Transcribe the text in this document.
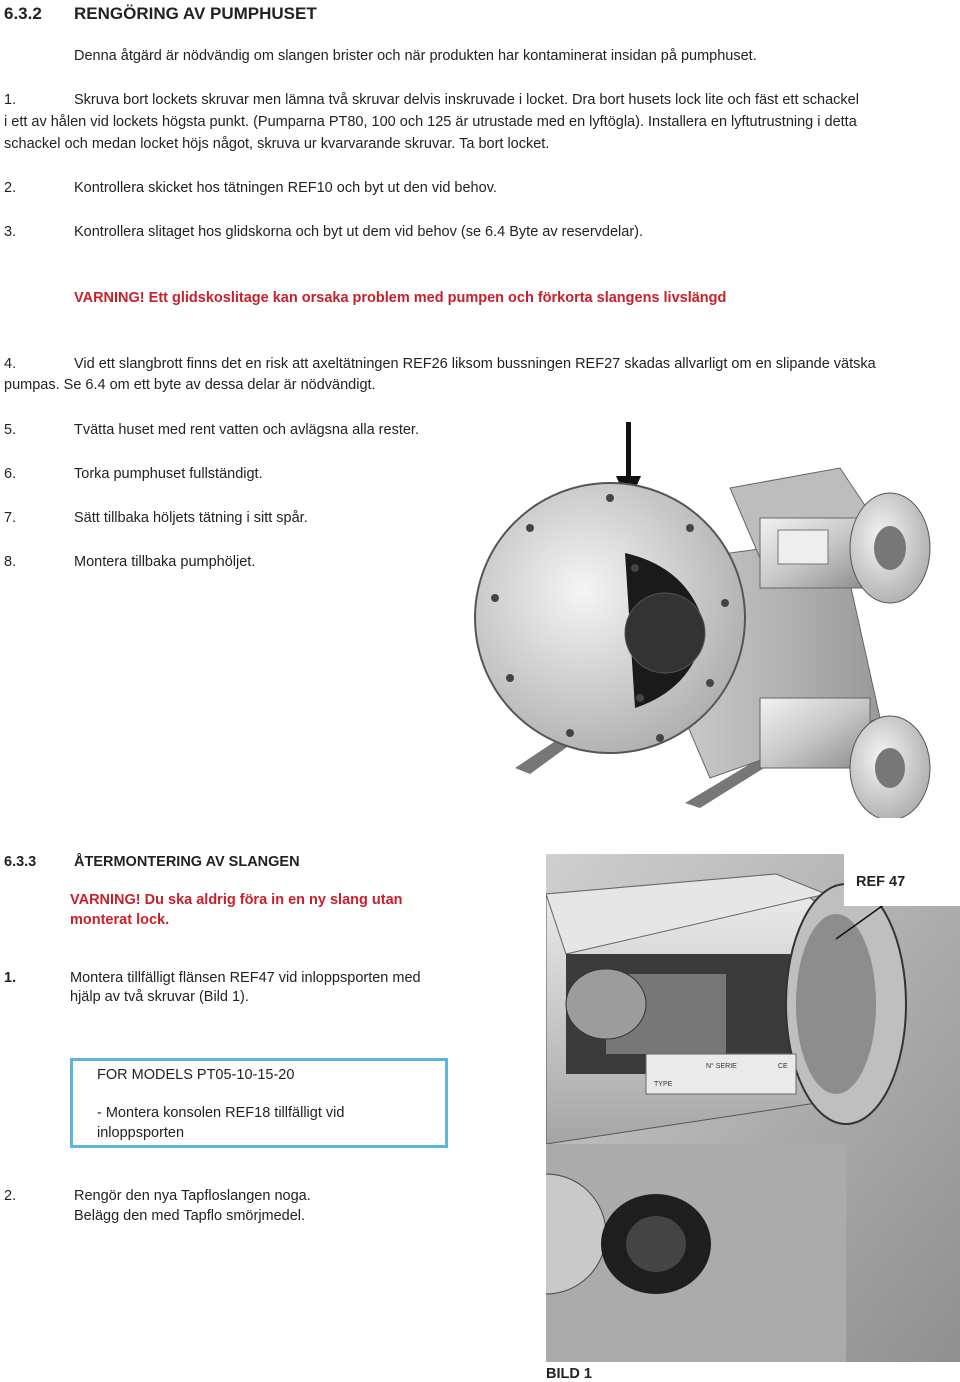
6.3.2 RENGÖRING AV PUMPHUSET
Denna åtgärd är nödvändig om slangen brister och när produkten har kontaminerat insidan på pumphuset.
1.	Skruva bort lockets skruvar men lämna två skruvar delvis inskruvade i locket. Dra bort husets lock lite och fäst ett schackel
i ett av hålen vid lockets högsta punkt. (Pumparna PT80, 100 och 125 är utrustade med en lyftögla). Installera en lyftutrustning i detta
schackel och medan locket höjs något, skruva ur kvarvarande skruvar. Ta bort locket.
2.	Kontrollera skicket hos tätningen REF10 och byt ut den vid behov.
3.	Kontrollera slitaget hos glidskorna och byt ut dem vid behov (se 6.4 Byte av reservdelar).
VARNING! Ett glidskoslitage kan orsaka problem med pumpen och förkorta slangens livslängd
4.	Vid ett slangbrott finns det en risk att axeltätningen REF26 liksom bussningen REF27 skadas allvarligt om en slipande vätska
pumpas. Se 6.4 om ett byte av dessa delar är nödvändigt.
5.	Tvätta huset med rent vatten och avlägsna alla rester.
6.	Torka pumphuset fullständigt.
7.	Sätt tillbaka höljets tätning i sitt spår.
8.	Montera tillbaka pumphöljet.
6.3.3	ÅTERMONTERING AV SLANGEN
VARNING! Du ska aldrig föra in en ny slang utan
monterat lock.
1.	Montera tillfälligt flänsen REF47 vid inloppsporten med
hjälp av två skruvar (Bild 1).
FOR MODELS PT05-10-15-20
- Montera konsolen REF18 tillfälligt vid
inloppsporten
2.	Rengör den nya Tapfloslangen noga.
Belägg den med Tapflo smörjmedel.
TYPE
N° SERIE	CE
REF 47
BILD 1
